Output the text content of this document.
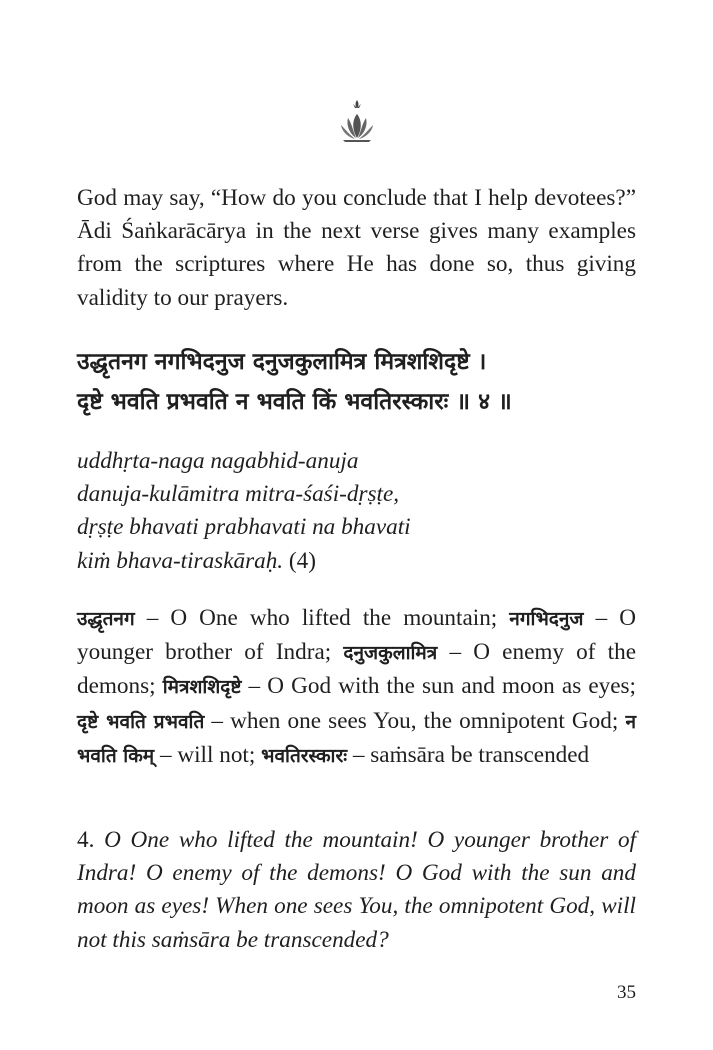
God may say, “How do you conclude that I help devotees?” Ādi Śaṅkarācārya in the next verse gives many examples from the scriptures where He has done so, thus giving validity to our prayers.

उद्धृतनग नगभिदनुज दनुजकुलामित्र मित्रशशिदृष्टे ।
दृष्टे भवति प्रभवति न भवति किं भवतिरस्कारः ॥ ४ ॥
uddhṛta-naga nagabhid-anuja
danuja-kulāmitra mitra-śaśi-dṛṣṭe,
dṛṣṭe bhavati prabhavati na bhavati
kiṁ bhava-tiraskāraḥ. (4)

उद्धृतनग – O One who lifted the mountain; नगभिदनुज – O younger brother of Indra; दनुजकुलामित्र – O enemy of the demons; मित्रशशिदृष्टे – O God with the sun and moon as eyes; दृष्टे भवति प्रभवति – when one sees You, the omnipotent God; न भवति किम् – will not; भवतिरस्कारः – saṁsāra be transcended

4. O One who lifted the mountain! O younger brother of Indra! O enemy of the demons! O God with the sun and moon as eyes! When one sees You, the omnipotent God, will not this saṁsāra be transcended?

35
